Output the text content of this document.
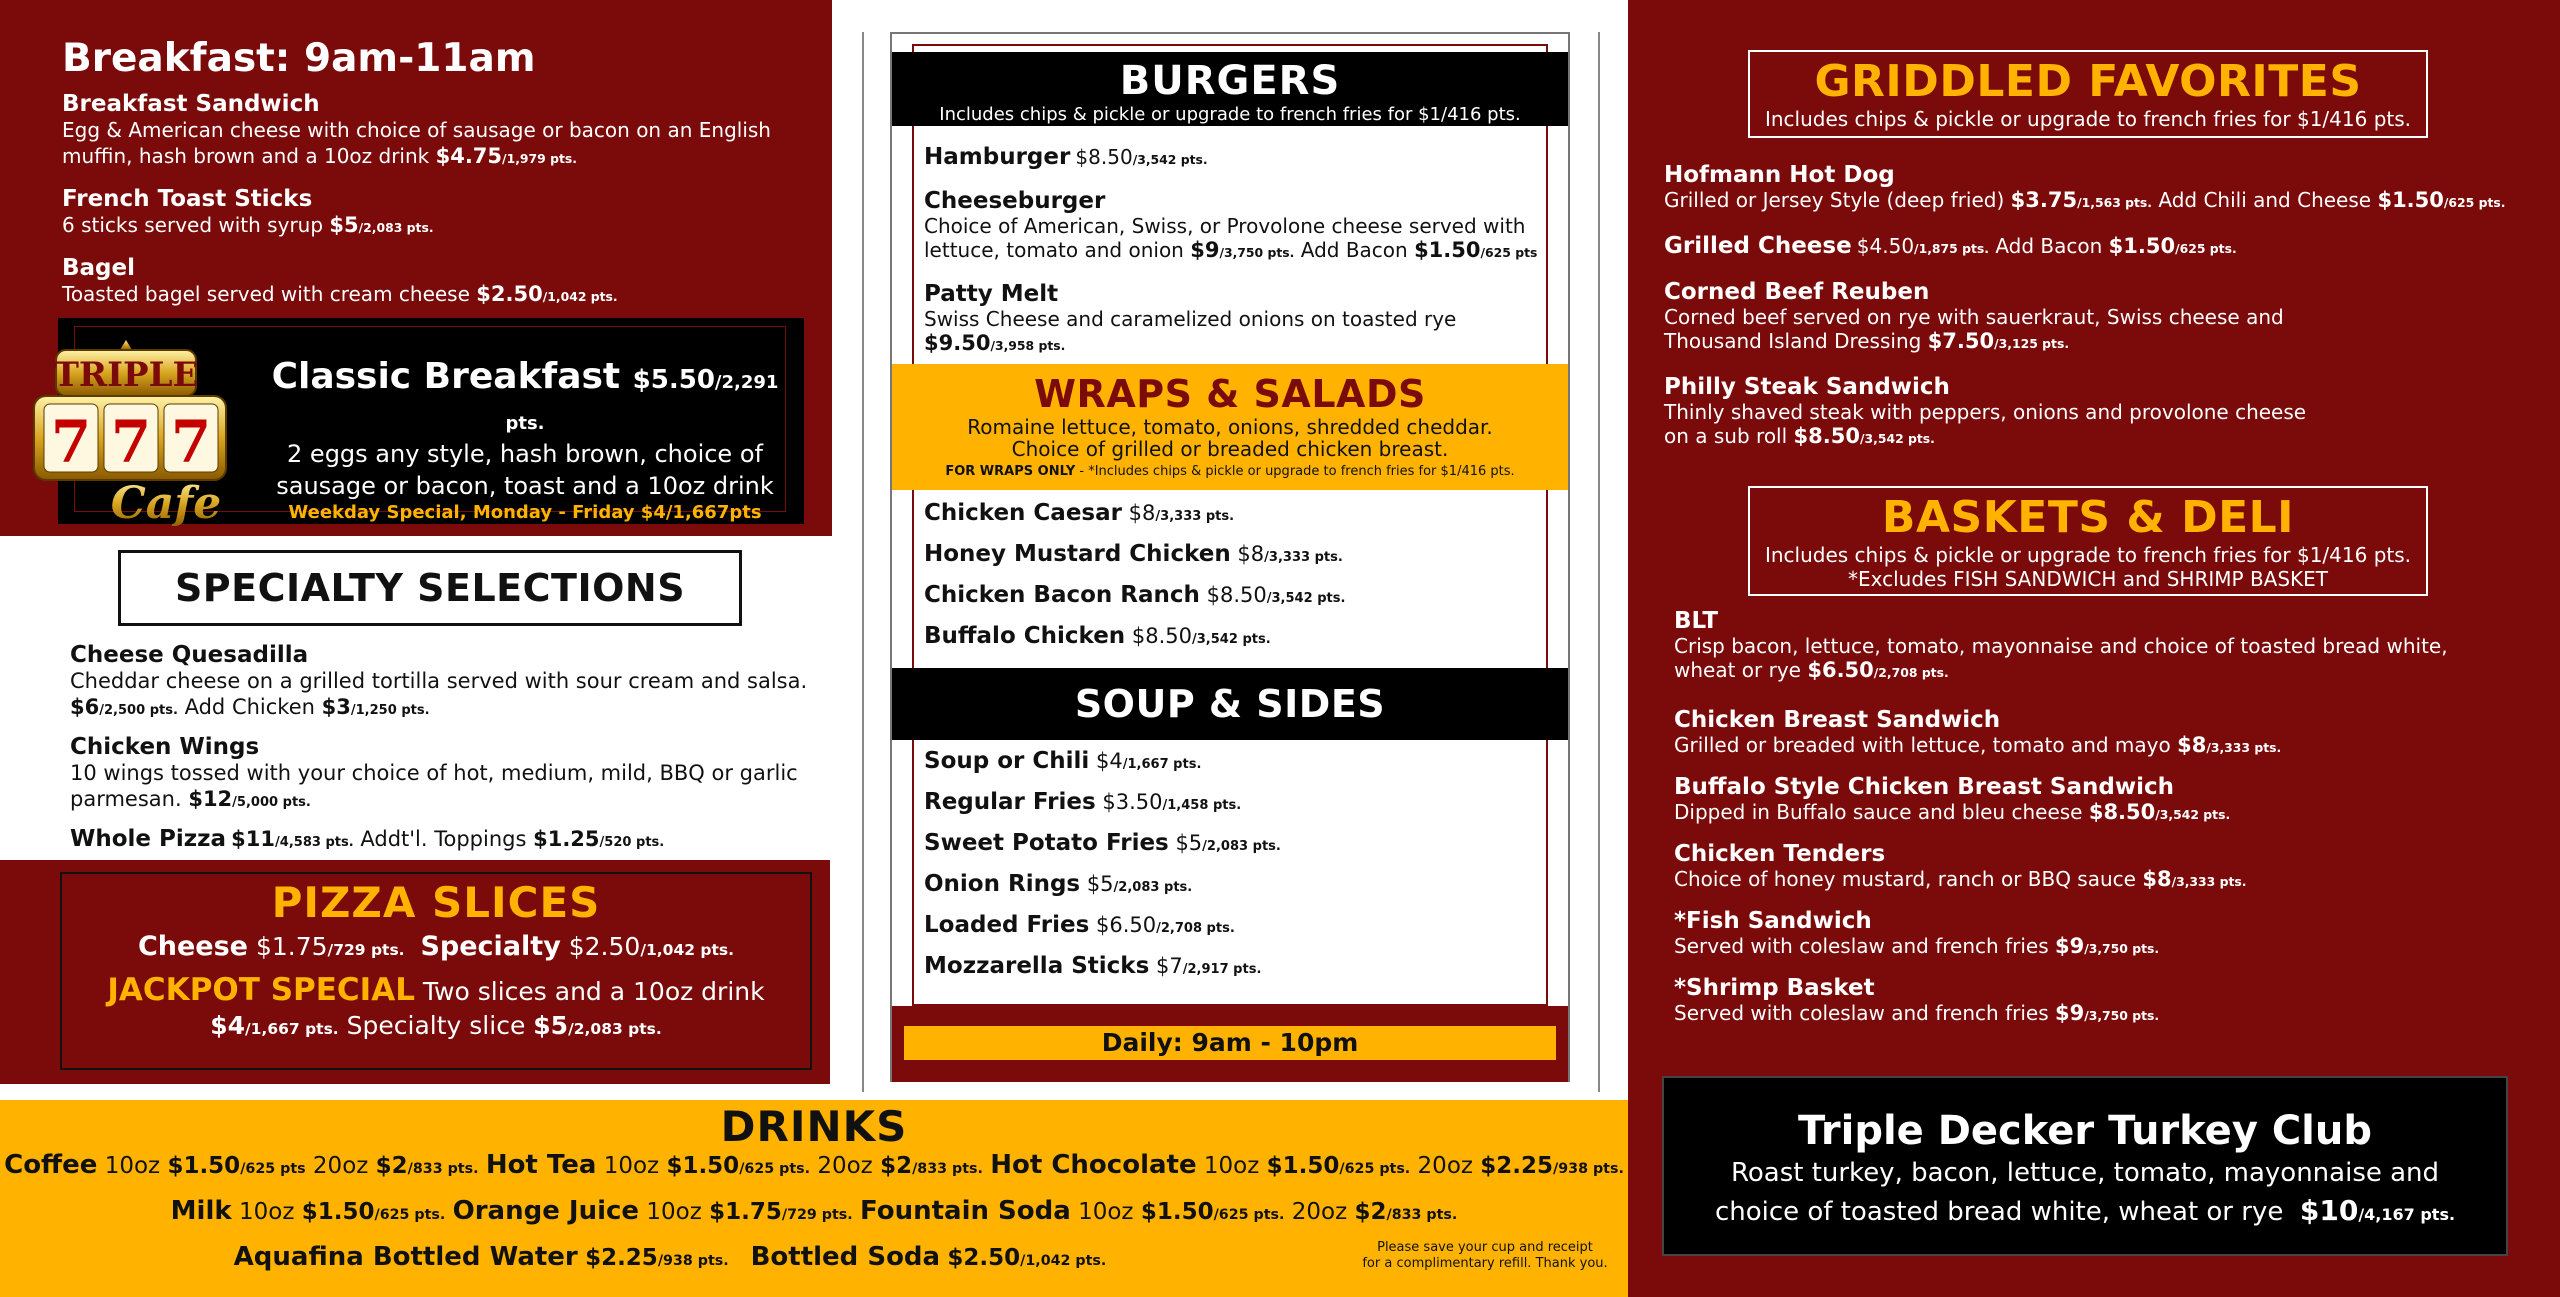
Breakfast: 9am-11am
Breakfast Sandwich
Egg & American cheese with choice of sausage or bacon on an English muffin, hash brown and a 10oz drink $4.75/1,979 pts.
French Toast Sticks
6 sticks served with syrup $5/2,083 pts.
Bagel
Toasted bagel served with cream cheese $2.50/1,042 pts.
TRIPLE
7 7 7
Cafe
Classic Breakfast $5.50/2,291 pts.
2 eggs any style, hash brown, choice of sausage or bacon, toast and a 10oz drink
Weekday Special, Monday - Friday $4/1,667pts
SPECIALTY SELECTIONS
Cheese Quesadilla
Cheddar cheese on a grilled tortilla served with sour cream and salsa.
$6/2,500 pts. Add Chicken $3/1,250 pts.
Chicken Wings
10 wings tossed with your choice of hot, medium, mild, BBQ or garlic parmesan. $12/5,000 pts.
Whole Pizza $11/4,583 pts. Addt'l. Toppings $1.25/520 pts.
PIZZA SLICES
Cheese $1.75/729 pts. Specialty $2.50/1,042 pts.
JACKPOT SPECIAL Two slices and a 10oz drink
$4/1,667 pts. Specialty slice $5/2,083 pts.
BURGERS
Includes chips & pickle or upgrade to french fries for $1/416 pts.
Hamburger $8.50/3,542 pts.
Cheeseburger
Choice of American, Swiss, or Provolone cheese served with lettuce, tomato and onion $9/3,750 pts. Add Bacon $1.50/625 pts
Patty Melt
Swiss Cheese and caramelized onions on toasted rye
$9.50/3,958 pts.
WRAPS & SALADS
Romaine lettuce, tomato, onions, shredded cheddar.
Choice of grilled or breaded chicken breast.
FOR WRAPS ONLY - *Includes chips & pickle or upgrade to french fries for $1/416 pts.
Chicken Caesar $8/3,333 pts.
Honey Mustard Chicken $8/3,333 pts.
Chicken Bacon Ranch $8.50/3,542 pts.
Buffalo Chicken $8.50/3,542 pts.
SOUP & SIDES
Soup or Chili $4/1,667 pts.
Regular Fries $3.50/1,458 pts.
Sweet Potato Fries $5/2,083 pts.
Onion Rings $5/2,083 pts.
Loaded Fries $6.50/2,708 pts.
Mozzarella Sticks $7/2,917 pts.
Daily: 9am - 10pm
GRIDDLED FAVORITES
Includes chips & pickle or upgrade to french fries for $1/416 pts.
Hofmann Hot Dog
Grilled or Jersey Style (deep fried) $3.75/1,563 pts. Add Chili and Cheese $1.50/625 pts.
Grilled Cheese $4.50/1,875 pts. Add Bacon $1.50/625 pts.
Corned Beef Reuben
Corned beef served on rye with sauerkraut, Swiss cheese and
Thousand Island Dressing $7.50/3,125 pts.
Philly Steak Sandwich
Thinly shaved steak with peppers, onions and provolone cheese
on a sub roll $8.50/3,542 pts.
BASKETS & DELI
Includes chips & pickle or upgrade to french fries for $1/416 pts.
*Excludes FISH SANDWICH and SHRIMP BASKET
BLT
Crisp bacon, lettuce, tomato, mayonnaise and choice of toasted bread white,
wheat or rye $6.50/2,708 pts.
Chicken Breast Sandwich
Grilled or breaded with lettuce, tomato and mayo $8/3,333 pts.
Buffalo Style Chicken Breast Sandwich
Dipped in Buffalo sauce and bleu cheese $8.50/3,542 pts.
Chicken Tenders
Choice of honey mustard, ranch or BBQ sauce $8/3,333 pts.
*Fish Sandwich
Served with coleslaw and french fries $9/3,750 pts.
*Shrimp Basket
Served with coleslaw and french fries $9/3,750 pts.
Triple Decker Turkey Club
Roast turkey, bacon, lettuce, tomato, mayonnaise and
choice of toasted bread white, wheat or rye $10/4,167 pts.
DRINKS
Coffee 10oz $1.50/625 pts 20oz $2/833 pts. Hot Tea 10oz $1.50/625 pts. 20oz $2/833 pts. Hot Chocolate 10oz $1.50/625 pts. 20oz $2.25/938 pts.
Milk 10oz $1.50/625 pts. Orange Juice 10oz $1.75/729 pts. Fountain Soda 10oz $1.50/625 pts. 20oz $2/833 pts.
Aquafina Bottled Water $2.25/938 pts. Bottled Soda $2.50/1,042 pts.
Please save your cup and receipt
for a complimentary refill. Thank you.
